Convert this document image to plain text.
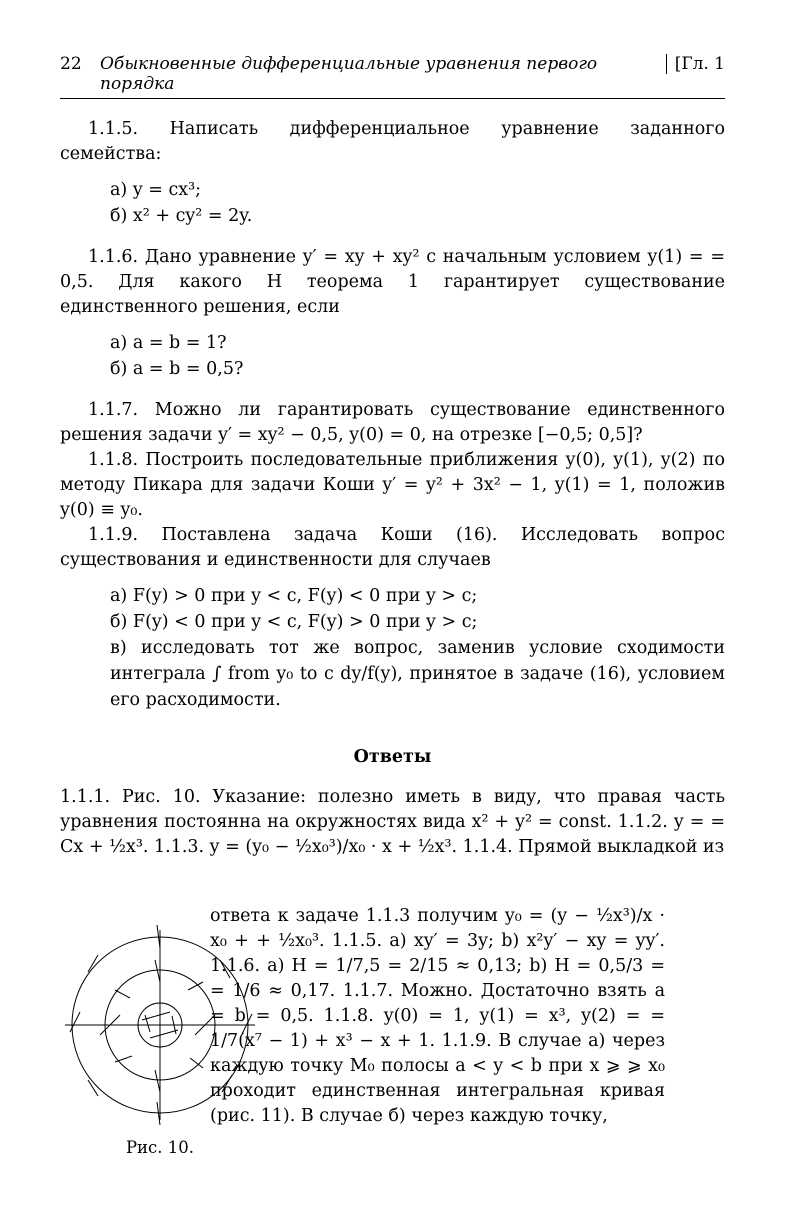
22	Обыкновенные дифференциальные уравнения первого порядка
[Гл. 1

1.1.5. Написать дифференциальное уравнение заданного семейства:

а) y = cx³;
б) x² + cy² = 2y.

1.1.6. Дано уравнение y′ = xy + xy² с начальным условием y(1) = = 0,5. Для какого H теорема 1 гарантирует существование единственного решения, если

а) a = b = 1?
б) a = b = 0,5?

1.1.7. Можно ли гарантировать существование единственного решения задачи y′ = xy² − 0,5, y(0) = 0, на отрезке [−0,5; 0,5]?

1.1.8. Построить последовательные приближения y(0), y(1), y(2) по методу Пикара для задачи Коши y′ = y² + 3x² − 1, y(1) = 1, положив y(0) ≡ y₀.

1.1.9. Поставлена задача Коши (16). Исследовать вопрос существования и единственности для случаев

а) F(y) > 0 при y < c, F(y) < 0 при y > c;
б) F(y) < 0 при y < c, F(y) > 0 при y > c;
в) исследовать тот же вопрос, заменив условие сходимости интеграла ∫ from y₀ to c dy/f(y), принятое в задаче (16), условием его расходимости.
Ответы

1.1.1. Рис. 10. Указание: полезно иметь в виду, что правая часть уравнения постоянна на окружностях вида x² + y² = const. 1.1.2. y = = Cx + ½x³. 1.1.3. y = (y₀ − ½x₀³)/x₀ · x + ½x³. 1.1.4. Прямой выкладкой из

Рис. 10.

ответа к задаче 1.1.3 получим y₀ = (y − ½x³)/x · x₀ + + ½x₀³. 1.1.5. a) xy′ = 3y; b) x²y′ − xy = yy′. 1.1.6. a) H = 1/7,5 = 2/15 ≈ 0,13; b) H = 0,5/3 = = 1/6 ≈ 0,17. 1.1.7. Можно. Достаточно взять a = b = 0,5. 1.1.8. y(0) = 1, y(1) = x³, y(2) = = 1/7(x⁷ − 1) + x³ − x + 1. 1.1.9. В случае а) через каждую точку M₀ полосы a < y < b при x ⩾ ⩾ x₀ проходит единственная интегральная кривая (рис. 11). В случае б) через каждую точку,
